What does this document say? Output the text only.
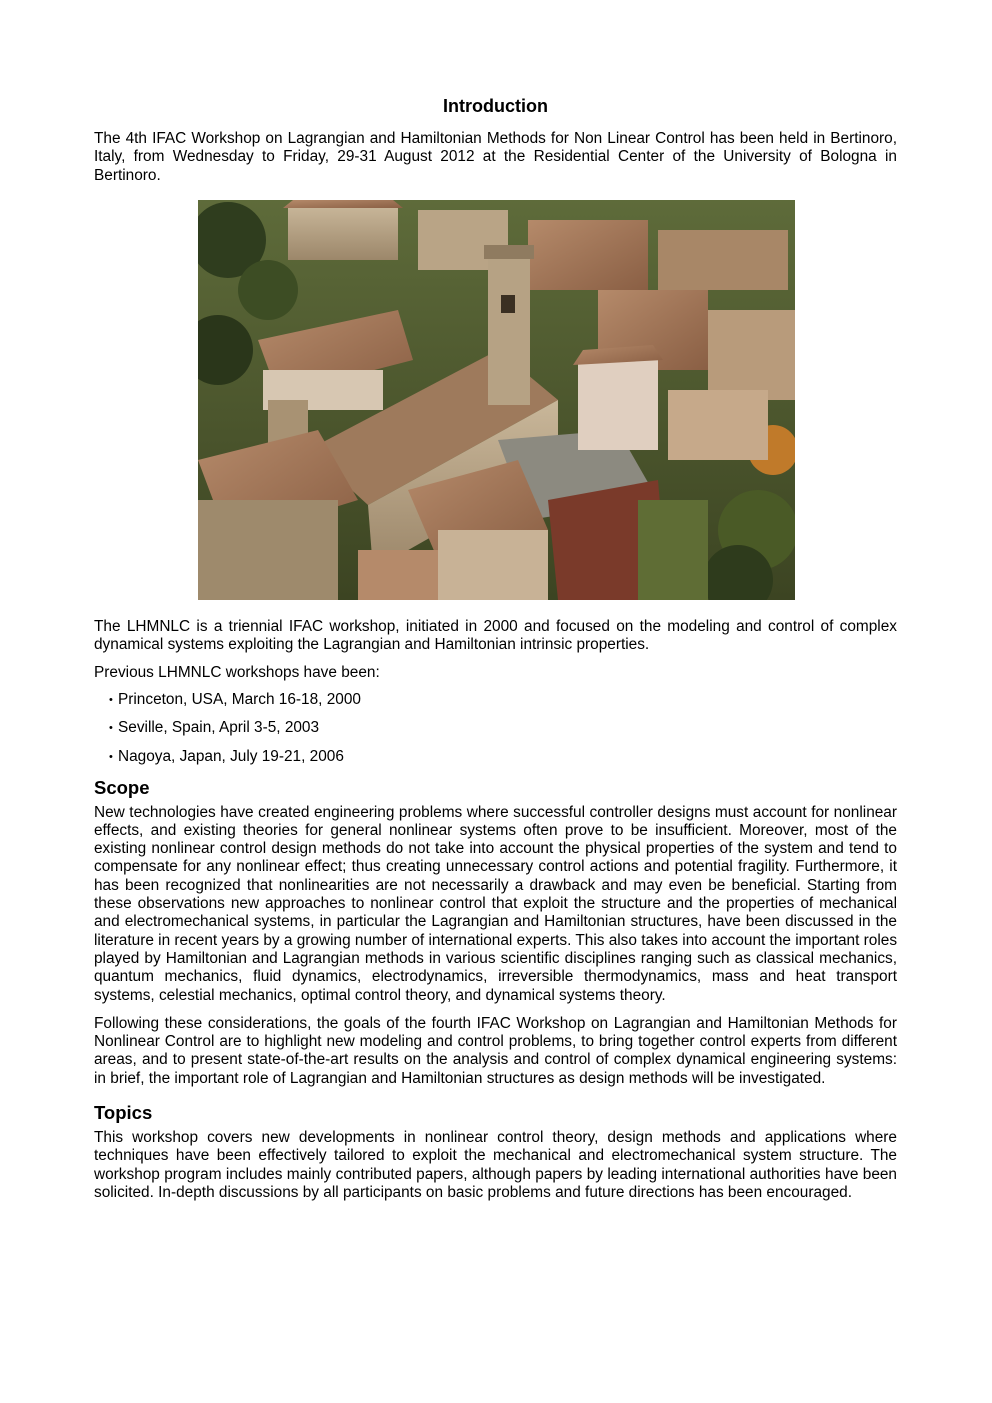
Introduction

The 4th IFAC Workshop on Lagrangian and Hamiltonian Methods for Non Linear Control has been held in Bertinoro, Italy, from Wednesday to Friday, 29-31 August 2012 at the Residential Center of the University of Bologna in Bertinoro.

The LHMNLC is a triennial IFAC workshop, initiated in 2000 and focused on the modeling and control of complex dynamical systems exploiting the Lagrangian and Hamiltonian intrinsic properties.

Previous LHMNLC workshops have been:

• Princeton, USA, March 16-18, 2000
• Seville, Spain, April 3-5, 2003
• Nagoya, Japan, July 19-21, 2006
Scope

New technologies have created engineering problems where successful controller designs must account for nonlinear effects, and existing theories for general nonlinear systems often prove to be insufficient. Moreover, most of the existing nonlinear control design methods do not take into account the physical properties of the system and tend to compensate for any nonlinear effect; thus creating unnecessary control actions and potential fragility. Furthermore, it has been recognized that nonlinearities are not necessarily a drawback and may even be beneficial. Starting from these observations new approaches to nonlinear control that exploit the structure and the properties of mechanical and electromechanical systems, in particular the Lagrangian and Hamiltonian structures, have been discussed in the literature in recent years by a growing number of international experts. This also takes into account the important roles played by Hamiltonian and Lagrangian methods in various scientific disciplines ranging such as classical mechanics, quantum mechanics, fluid dynamics, electrodynamics, irreversible thermodynamics, mass and heat transport systems, celestial mechanics, optimal control theory, and dynamical systems theory.

Following these considerations, the goals of the fourth IFAC Workshop on Lagrangian and Hamiltonian Methods for Nonlinear Control are to highlight new modeling and control problems, to bring together control experts from different areas, and to present state-of-the-art results on the analysis and control of complex dynamical engineering systems: in brief, the important role of Lagrangian and Hamiltonian structures as design methods will be investigated.

Topics

This workshop covers new developments in nonlinear control theory, design methods and applications where techniques have been effectively tailored to exploit the mechanical and electromechanical system structure. The workshop program includes mainly contributed papers, although papers by leading international authorities have been solicited. In-depth discussions by all participants on basic problems and future directions has been encouraged.
